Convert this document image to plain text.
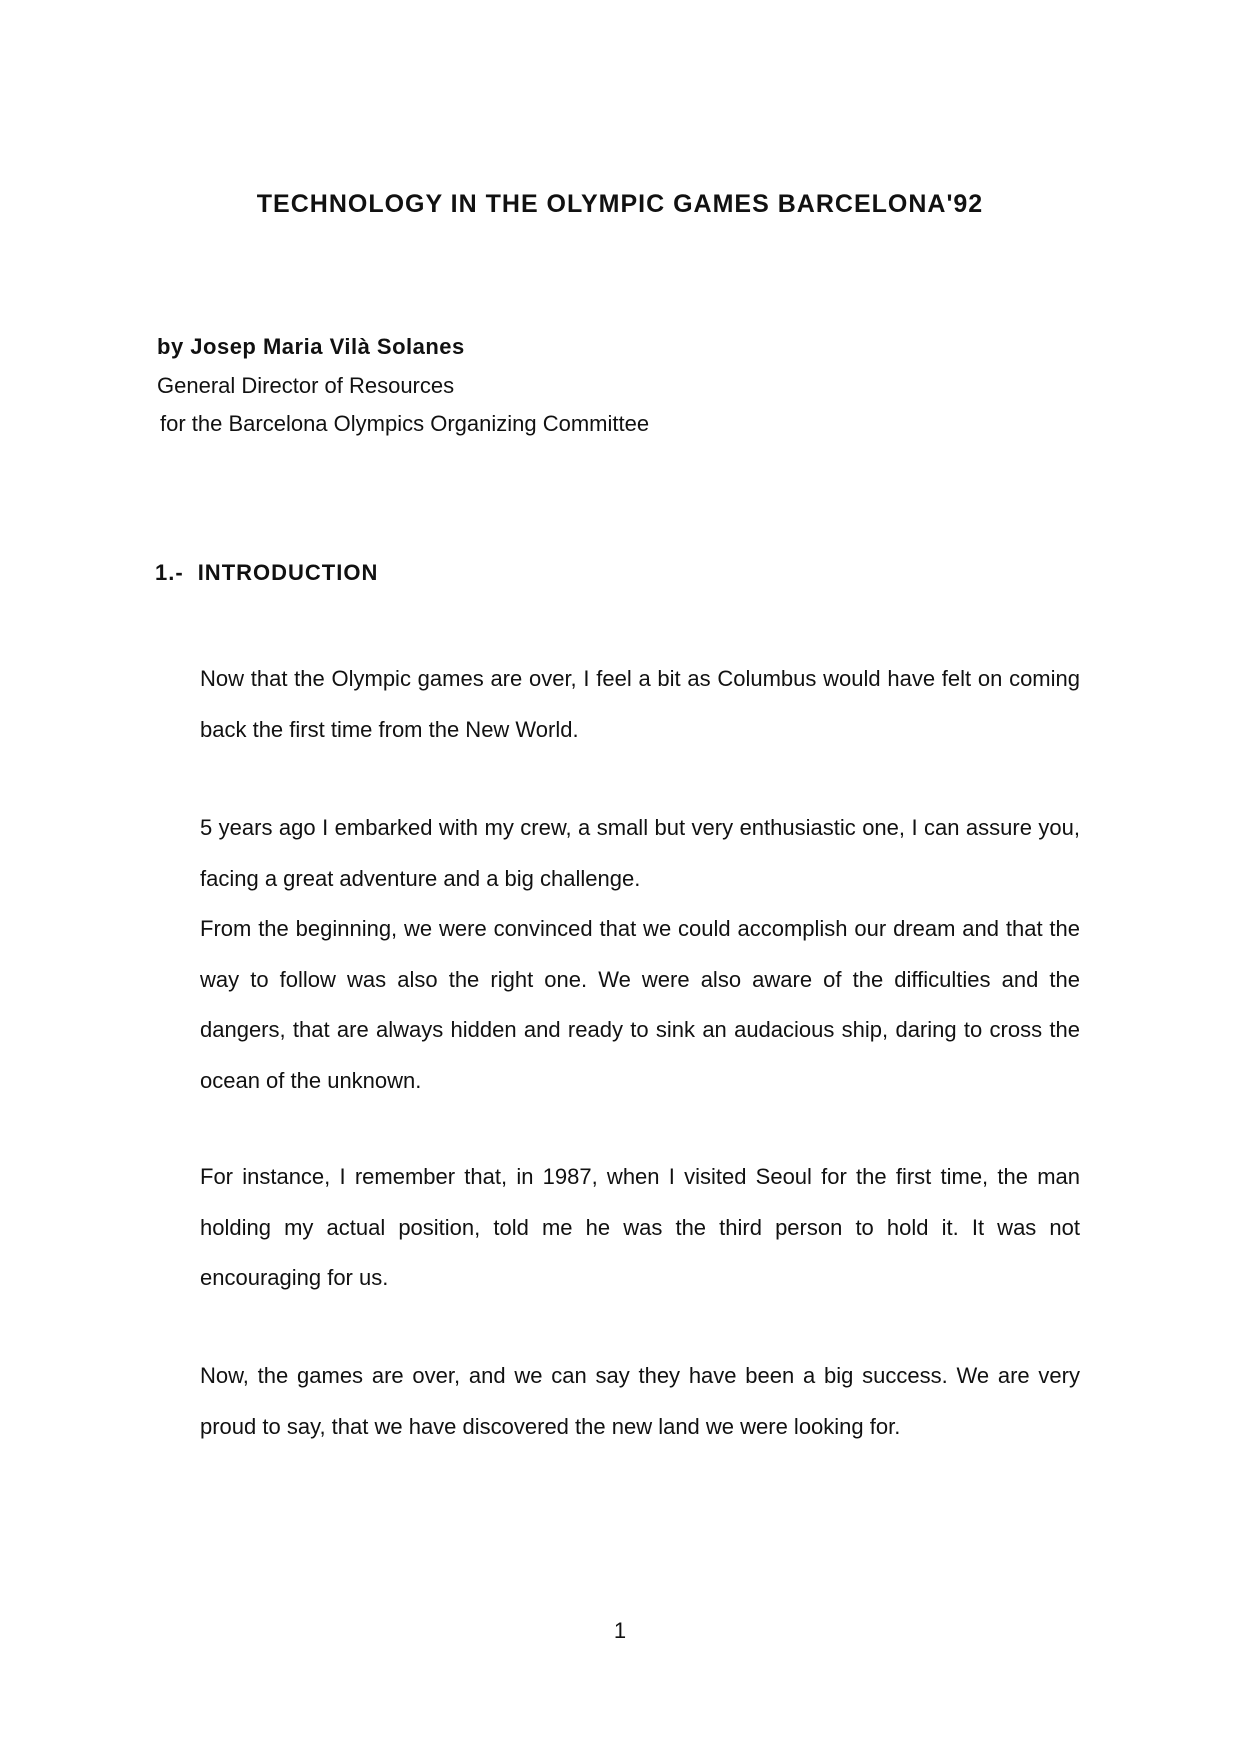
TECHNOLOGY IN THE OLYMPIC GAMES BARCELONA'92

by Josep Maria Vilà Solanes

General Director of Resources

for the Barcelona Olympics Organizing Committee

1.- INTRODUCTION

Now that the Olympic games are over, I feel a bit as Columbus would have felt on coming back the first time from the New World.

5 years ago I embarked with my crew, a small but very enthusiastic one, I can assure you, facing a great adventure and a big challenge.
From the beginning, we were convinced that we could accomplish our dream and that the way to follow was also the right one. We were also aware of the difficulties and the dangers, that are always hidden and ready to sink an audacious ship, daring to cross the ocean of the unknown.

For instance, I remember that, in 1987, when I visited Seoul for the first time, the man holding my actual position, told me he was the third person to hold it. It was not encouraging for us.

Now, the games are over, and we can say they have been a big success. We are very proud to say, that we have discovered the new land we were looking for.

1
